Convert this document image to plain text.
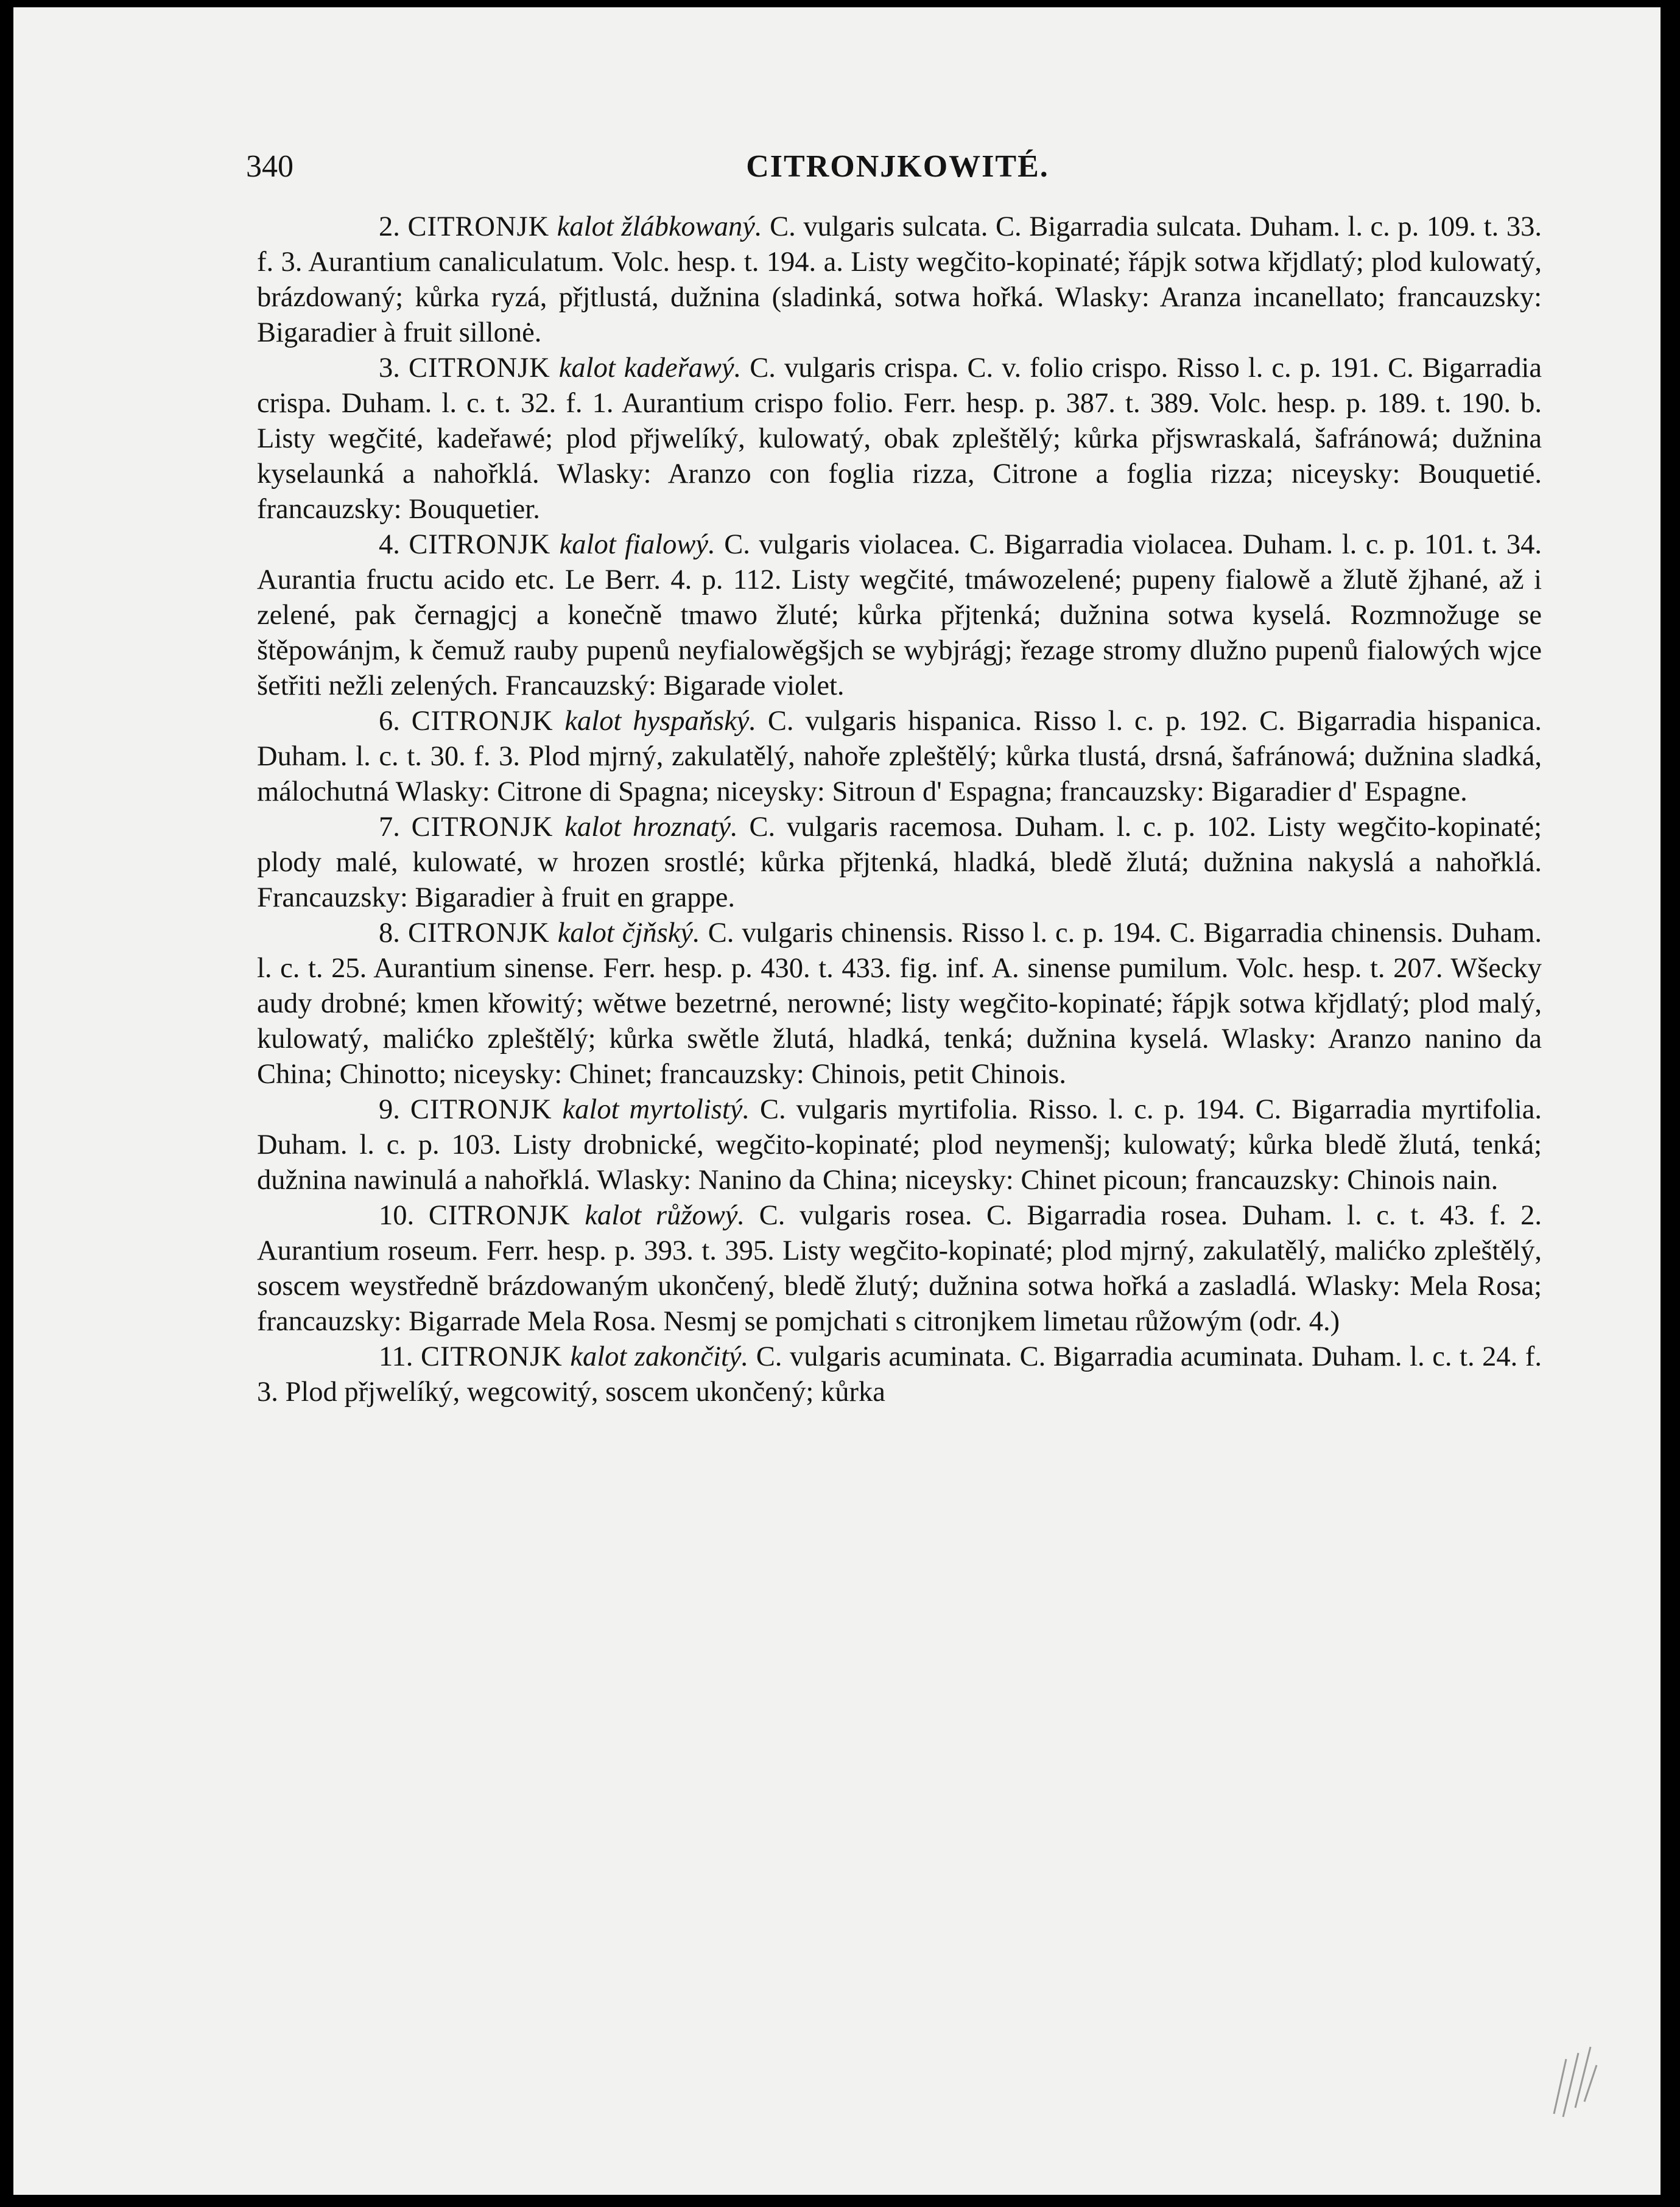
340	CITRONJKOWITÉ.

2. CITRONJK kalot žlábkowaný. C. vulgaris sulcata. C. Bigarradia sulcata. Duham. l. c. p. 109. t. 33. f. 3. Aurantium canaliculatum. Volc. hesp. t. 194. a. Listy wegčito-kopinaté; řápjk sotwa křjdlatý; plod kulowatý, brázdowaný; kůrka ryzá, přjtlustá, dužnina (sladinká, sotwa hořká. Wlasky: Aranza incanellato; francauzsky: Bigaradier à fruit sillonė.

3. CITRONJK kalot kadeřawý. C. vulgaris crispa. C. v. folio crispo. Risso l. c. p. 191. C. Bigarradia crispa. Duham. l. c. t. 32. f. 1. Aurantium crispo folio. Ferr. hesp. p. 387. t. 389. Volc. hesp. p. 189. t. 190. b. Listy wegčité, kadeřawé; plod přjwelíký, kulowatý, obak zpleštělý; kůrka přjswraskalá, šafránowá; dužnina kyselaunká a nahořklá. Wlasky: Aranzo con foglia rizza, Citrone a foglia rizza; niceysky: Bouquetié. francauzsky: Bouquetier.

4. CITRONJK kalot fialowý. C. vulgaris violacea. C. Bigarradia violacea. Duham. l. c. p. 101. t. 34. Aurantia fructu acido etc. Le Berr. 4. p. 112. Listy wegčité, tmáwozelené; pupeny fialowě a žlutě žjhané, až i zelené, pak černagjcj a konečně tmawo žluté; kůrka přjtenká; dužnina sotwa kyselá. Rozmnožuge se štěpowánjm, k čemuž rauby pupenů neyfialowěgšjch se wybjrágj; řezage stromy dlužno pupenů fialowých wjce šetřiti nežli zelených. Francauzský: Bigarade violet.

6. CITRONJK kalot hyspaňský. C. vulgaris hispanica. Risso l. c. p. 192. C. Bigarradia hispanica. Duham. l. c. t. 30. f. 3. Plod mjrný, zakulatělý, nahoře zpleštělý; kůrka tlustá, drsná, šafránowá; dužnina sladká, málochutná Wlasky: Citrone di Spagna; niceysky: Sitroun d' Espagna; francauzsky: Bigaradier d' Espagne.

7. CITRONJK kalot hroznatý. C. vulgaris racemosa. Duham. l. c. p. 102. Listy wegčito-kopinaté; plody malé, kulowaté, w hrozen srostlé; kůrka přjtenká, hladká, bledě žlutá; dužnina nakyslá a nahořklá. Francauzsky: Bigaradier à fruit en grappe.

8. CITRONJK kalot čjňský. C. vulgaris chinensis. Risso l. c. p. 194. C. Bigarradia chinensis. Duham. l. c. t. 25. Aurantium sinense. Ferr. hesp. p. 430. t. 433. fig. inf. A. sinense pumilum. Volc. hesp. t. 207. Wšecky audy drobné; kmen křowitý; wětwe bezetrné, nerowné; listy wegčito-kopinaté; řápjk sotwa křjdlatý; plod malý, kulowatý, malićko zpleštělý; kůrka swětle žlutá, hladká, tenká; dužnina kyselá. Wlasky: Aranzo nanino da China; Chinotto; niceysky: Chinet; francauzsky: Chinois, petit Chinois.

9. CITRONJK kalot myrtolistý. C. vulgaris myrtifolia. Risso. l. c. p. 194. C. Bigarradia myrtifolia. Duham. l. c. p. 103. Listy drobnické, wegčito-kopinaté; plod neymenšj; kulowatý; kůrka bledě žlutá, tenká; dužnina nawinulá a nahořklá. Wlasky: Nanino da China; niceysky: Chinet picoun; francauzsky: Chinois nain.

10. CITRONJK kalot růžowý. C. vulgaris rosea. C. Bigarradia rosea. Duham. l. c. t. 43. f. 2. Aurantium roseum. Ferr. hesp. p. 393. t. 395. Listy wegčito-kopinaté; plod mjrný, zakulatělý, malićko zpleštělý, soscem weystředně brázdowaným ukončený, bledě žlutý; dužnina sotwa hořká a zasladlá. Wlasky: Mela Rosa; francauzsky: Bigarrade Mela Rosa. Nesmj se pomjchati s citronjkem limetau růžowým (odr. 4.)

11. CITRONJK kalot zakončitý. C. vulgaris acuminata. C. Bigarradia acuminata. Duham. l. c. t. 24. f. 3. Plod přjwelíký, wegcowitý, soscem ukončený; kůrka
